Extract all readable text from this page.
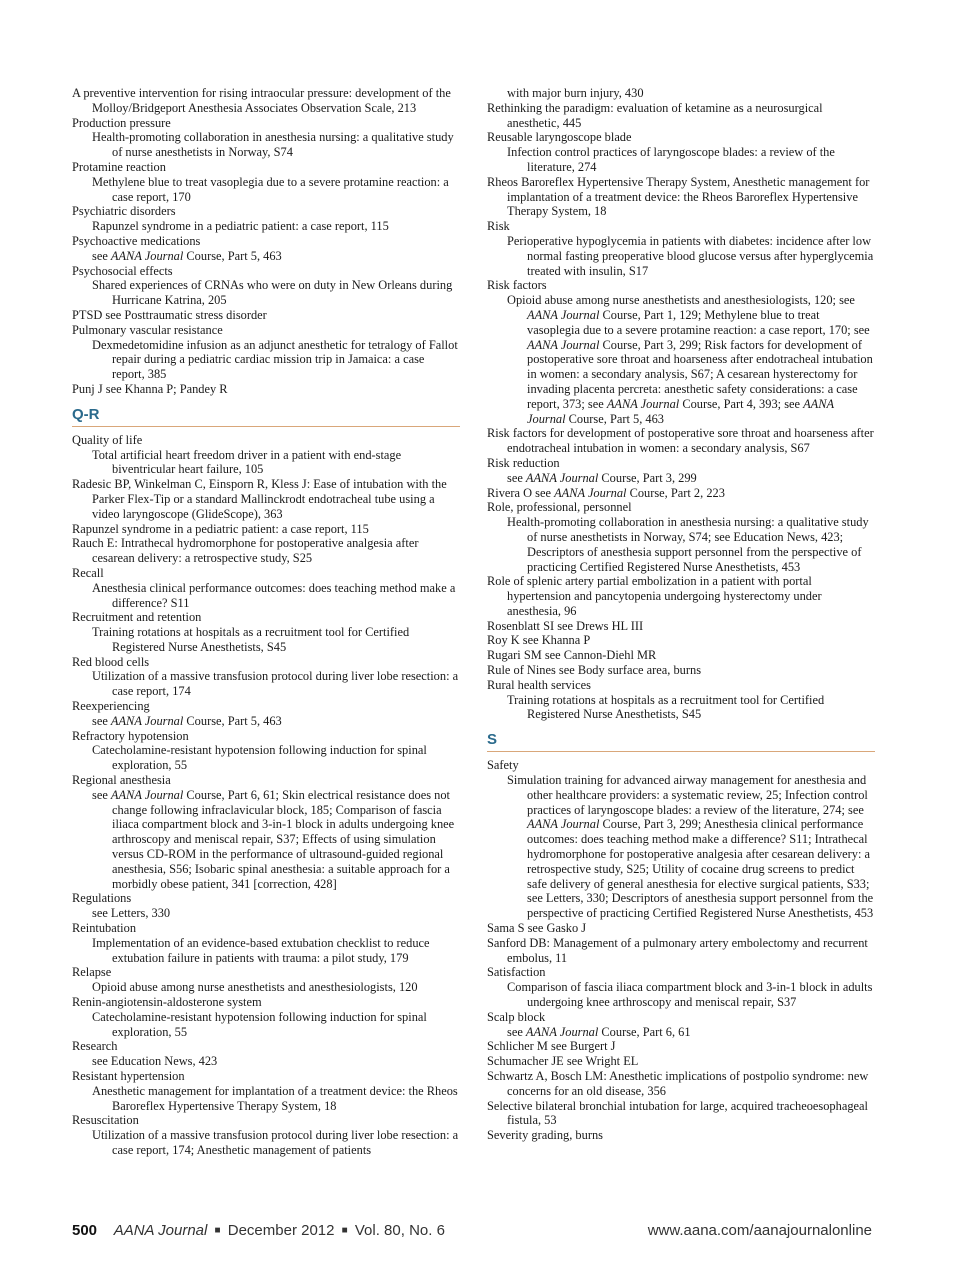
A preventive intervention for rising intraocular pressure: development of the Molloy/Bridgeport Anesthesia Associates Observation Scale, 213
Production pressure
Health-promoting collaboration in anesthesia nursing: a qualitative study of nurse anesthetists in Norway, S74
Protamine reaction
Methylene blue to treat vasoplegia due to a severe protamine reaction: a case report, 170
Psychiatric disorders
Rapunzel syndrome in a pediatric patient: a case report, 115
Psychoactive medications
see AANA Journal Course, Part 5, 463
Psychosocial effects
Shared experiences of CRNAs who were on duty in New Orleans during Hurricane Katrina, 205
PTSD see Posttraumatic stress disorder
Pulmonary vascular resistance
Dexmedetomidine infusion as an adjunct anesthetic for tetralogy of Fallot repair during a pediatric cardiac mission trip in Jamaica: a case report, 385
Punj J see Khanna P; Pandey R
Q-R
Quality of life
Total artificial heart freedom driver in a patient with end-stage biventricular heart failure, 105
Radesic BP, Winkelman C, Einsporn R, Kless J: Ease of intubation with the Parker Flex-Tip or a standard Mallinckrodt endotracheal tube using a video laryngoscope (GlideScope), 363
Rapunzel syndrome in a pediatric patient: a case report, 115
Rauch E: Intrathecal hydromorphone for postoperative analgesia after cesarean delivery: a retrospective study, S25
Recall
Anesthesia clinical performance outcomes: does teaching method make a difference? S11
Recruitment and retention
Training rotations at hospitals as a recruitment tool for Certified Registered Nurse Anesthetists, S45
Red blood cells
Utilization of a massive transfusion protocol during liver lobe resection: a case report, 174
Reexperiencing
see AANA Journal Course, Part 5, 463
Refractory hypotension
Catecholamine-resistant hypotension following induction for spinal exploration, 55
Regional anesthesia
see AANA Journal Course, Part 6, 61; Skin electrical resistance does not change following infraclavicular block, 185; Comparison of fascia iliaca compartment block and 3-in-1 block in adults undergoing knee arthroscopy and meniscal repair, S37; Effects of using simulation versus CD-ROM in the performance of ultrasound-guided regional anesthesia, S56; Isobaric spinal anesthesia: a suitable approach for a morbidly obese patient, 341 [correction, 428]
Regulations
see Letters, 330
Reintubation
Implementation of an evidence-based extubation checklist to reduce extubation failure in patients with trauma: a pilot study, 179
Relapse
Opioid abuse among nurse anesthetists and anesthesiologists, 120
Renin-angiotensin-aldosterone system
Catecholamine-resistant hypotension following induction for spinal exploration, 55
Research
see Education News, 423
Resistant hypertension
Anesthetic management for implantation of a treatment device: the Rheos Baroreflex Hypertensive Therapy System, 18
Resuscitation
Utilization of a massive transfusion protocol during liver lobe resection: a case report, 174; Anesthetic management of patients
with major burn injury, 430
Rethinking the paradigm: evaluation of ketamine as a neurosurgical anesthetic, 445
Reusable laryngoscope blade
Infection control practices of laryngoscope blades: a review of the literature, 274
Rheos Baroreflex Hypertensive Therapy System, Anesthetic management for implantation of a treatment device: the Rheos Baroreflex Hypertensive Therapy System, 18
Risk
Perioperative hypoglycemia in patients with diabetes: incidence after low normal fasting preoperative blood glucose versus after hyperglycemia treated with insulin, S17
Risk factors
Opioid abuse among nurse anesthetists and anesthesiologists, 120; see AANA Journal Course, Part 1, 129; Methylene blue to treat vasoplegia due to a severe protamine reaction: a case report, 170; see AANA Journal Course, Part 3, 299; Risk factors for development of postoperative sore throat and hoarseness after endotracheal intubation in women: a secondary analysis, S67; A cesarean hysterectomy for invading placenta percreta: anesthetic safety considerations: a case report, 373; see AANA Journal Course, Part 4, 393; see AANA Journal Course, Part 5, 463
Risk factors for development of postoperative sore throat and hoarseness after endotracheal intubation in women: a secondary analysis, S67
Risk reduction
see AANA Journal Course, Part 3, 299
Rivera O see AANA Journal Course, Part 2, 223
Role, professional, personnel
Health-promoting collaboration in anesthesia nursing: a qualitative study of nurse anesthetists in Norway, S74; see Education News, 423; Descriptors of anesthesia support personnel from the perspective of practicing Certified Registered Nurse Anesthetists, 453
Role of splenic artery partial embolization in a patient with portal hypertension and pancytopenia undergoing hysterectomy under anesthesia, 96
Rosenblatt SI see Drews HL III
Roy K see Khanna P
Rugari SM see Cannon-Diehl MR
Rule of Nines see Body surface area, burns
Rural health services
Training rotations at hospitals as a recruitment tool for Certified Registered Nurse Anesthetists, S45
S
Safety
Simulation training for advanced airway management for anesthesia and other healthcare providers: a systematic review, 25; Infection control practices of laryngoscope blades: a review of the literature, 274; see AANA Journal Course, Part 3, 299; Anesthesia clinical performance outcomes: does teaching method make a difference? S11; Intrathecal hydromorphone for postoperative analgesia after cesarean delivery: a retrospective study, S25; Utility of cocaine drug screens to predict safe delivery of general anesthesia for elective surgical patients, S33; see Letters, 330; Descriptors of anesthesia support personnel from the perspective of practicing Certified Registered Nurse Anesthetists, 453
Sama S see Gasko J
Sanford DB: Management of a pulmonary artery embolectomy and recurrent embolus, 11
Satisfaction
Comparison of fascia iliaca compartment block and 3-in-1 block in adults undergoing knee arthroscopy and meniscal repair, S37
Scalp block
see AANA Journal Course, Part 6, 61
Schlicher M see Burgert J
Schumacher JE see Wright EL
Schwartz A, Bosch LM: Anesthetic implications of postpolio syndrome: new concerns for an old disease, 356
Selective bilateral bronchial intubation for large, acquired tracheoesophageal fistula, 53
Severity grading, burns
500 AANA Journal ■ December 2012 ■ Vol. 80, No. 6	www.aana.com/aanajournalonline
